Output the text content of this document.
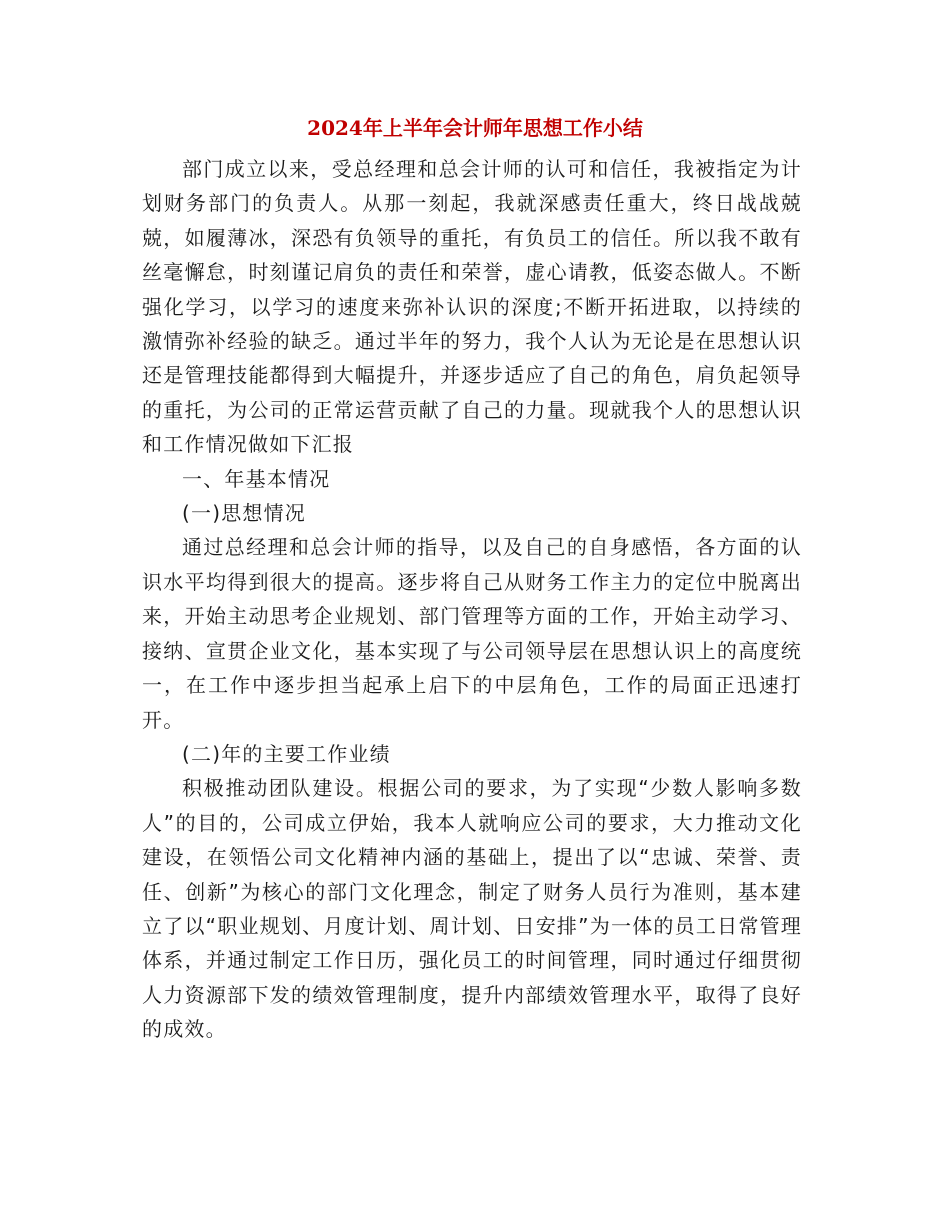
2024年上半年会计师年思想工作小结

部门成立以来，受总经理和总会计师的认可和信任，我被指定为计划财务部门的负责人。从那一刻起，我就深感责任重大，终日战战兢兢，如履薄冰，深恐有负领导的重托，有负员工的信任。所以我不敢有丝毫懈怠，时刻谨记肩负的责任和荣誉，虚心请教，低姿态做人。不断强化学习，以学习的速度来弥补认识的深度;不断开拓进取，以持续的激情弥补经验的缺乏。通过半年的努力，我个人认为无论是在思想认识还是管理技能都得到大幅提升，并逐步适应了自己的角色，肩负起领导的重托，为公司的正常运营贡献了自己的力量。现就我个人的思想认识和工作情况做如下汇报

一、年基本情况

(一)思想情况

通过总经理和总会计师的指导，以及自己的自身感悟，各方面的认识水平均得到很大的提高。逐步将自己从财务工作主力的定位中脱离出来，开始主动思考企业规划、部门管理等方面的工作，开始主动学习、接纳、宣贯企业文化，基本实现了与公司领导层在思想认识上的高度统一，在工作中逐步担当起承上启下的中层角色，工作的局面正迅速打开。

(二)年的主要工作业绩

积极推动团队建设。根据公司的要求，为了实现“少数人影响多数人”的目的，公司成立伊始，我本人就响应公司的要求，大力推动文化建设，在领悟公司文化精神内涵的基础上，提出了以“忠诚、荣誉、责任、创新”为核心的部门文化理念，制定了财务人员行为准则，基本建立了以“职业规划、月度计划、周计划、日安排”为一体的员工日常管理体系，并通过制定工作日历，强化员工的时间管理，同时通过仔细贯彻人力资源部下发的绩效管理制度，提升内部绩效管理水平，取得了良好的成效。
